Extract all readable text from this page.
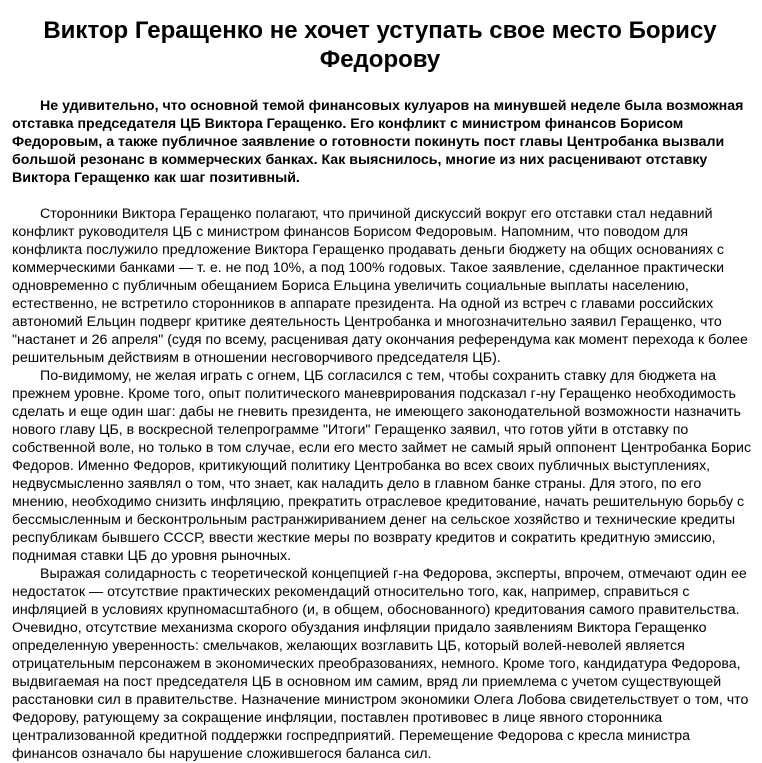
Виктор Геращенко не хочет уступать свое место Борису Федорову

Не удивительно, что основной темой финансовых кулуаров на минувшей неделе была возможная отставка председателя ЦБ Виктора Геращенко. Его конфликт с министром финансов Борисом Федоровым, а также публичное заявление о готовности покинуть пост главы Центробанка вызвали большой резонанс в коммерческих банках. Как выяснилось, многие из них расценивают отставку Виктора Геращенко как шаг позитивный.

Сторонники Виктора Геращенко полагают, что причиной дискуссий вокруг его отставки стал недавний конфликт руководителя ЦБ с министром финансов Борисом Федоровым. Напомним, что поводом для конфликта послужило предложение Виктора Геращенко продавать деньги бюджету на общих основаниях с коммерческими банками — т. е. не под 10%, а под 100% годовых. Такое заявление, сделанное практически одновременно с публичным обещанием Бориса Ельцина увеличить социальные выплаты населению, естественно, не встретило сторонников в аппарате президента. На одной из встреч с главами российских автономий Ельцин подверг критике деятельность Центробанка и многозначительно заявил Геращенко, что "настанет и 26 апреля" (судя по всему, расценивая дату окончания референдума как момент перехода к более решительным действиям в отношении несговорчивого председателя ЦБ).

По-видимому, не желая играть с огнем, ЦБ согласился с тем, чтобы сохранить ставку для бюджета на прежнем уровне. Кроме того, опыт политического маневрирования подсказал г-ну Геращенко необходимость сделать и еще один шаг: дабы не гневить президента, не имеющего законодательной возможности назначить нового главу ЦБ, в воскресной телепрограмме "Итоги" Геращенко заявил, что готов уйти в отставку по собственной воле, но только в том случае, если его место займет не самый ярый оппонент Центробанка Борис Федоров. Именно Федоров, критикующий политику Центробанка во всех своих публичных выступлениях, недвусмысленно заявлял о том, что знает, как наладить дело в главном банке страны. Для этого, по его мнению, необходимо снизить инфляцию, прекратить отраслевое кредитование, начать решительную борьбу с бессмысленным и бесконтрольным растранжириванием денег на сельское хозяйство и технические кредиты республикам бывшего СССР, ввести жесткие меры по возврату кредитов и сократить кредитную эмиссию, поднимая ставки ЦБ до уровня рыночных.

Выражая солидарность с теоретической концепцией г-на Федорова, эксперты, впрочем, отмечают один ее недостаток — отсутствие практических рекомендаций относительно того, как, например, справиться с инфляцией в условиях крупномасштабного (и, в общем, обоснованного) кредитования самого правительства. Очевидно, отсутствие механизма скорого обуздания инфляции придало заявлениям Виктора Геращенко определенную уверенность: смельчаков, желающих возглавить ЦБ, который волей-неволей является отрицательным персонажем в экономических преобразованиях, немного. Кроме того, кандидатура Федорова, выдвигаемая на пост председателя ЦБ в основном им самим, вряд ли приемлема с учетом существующей расстановки сил в правительстве. Назначение министром экономики Олега Лобова свидетельствует о том, что Федорову, ратующему за сокращение инфляции, поставлен противовес в лице явного сторонника централизованной кредитной поддержки госпредприятий. Перемещение Федорова с кресла министра финансов означало бы нарушение сложившегося баланса сил.
